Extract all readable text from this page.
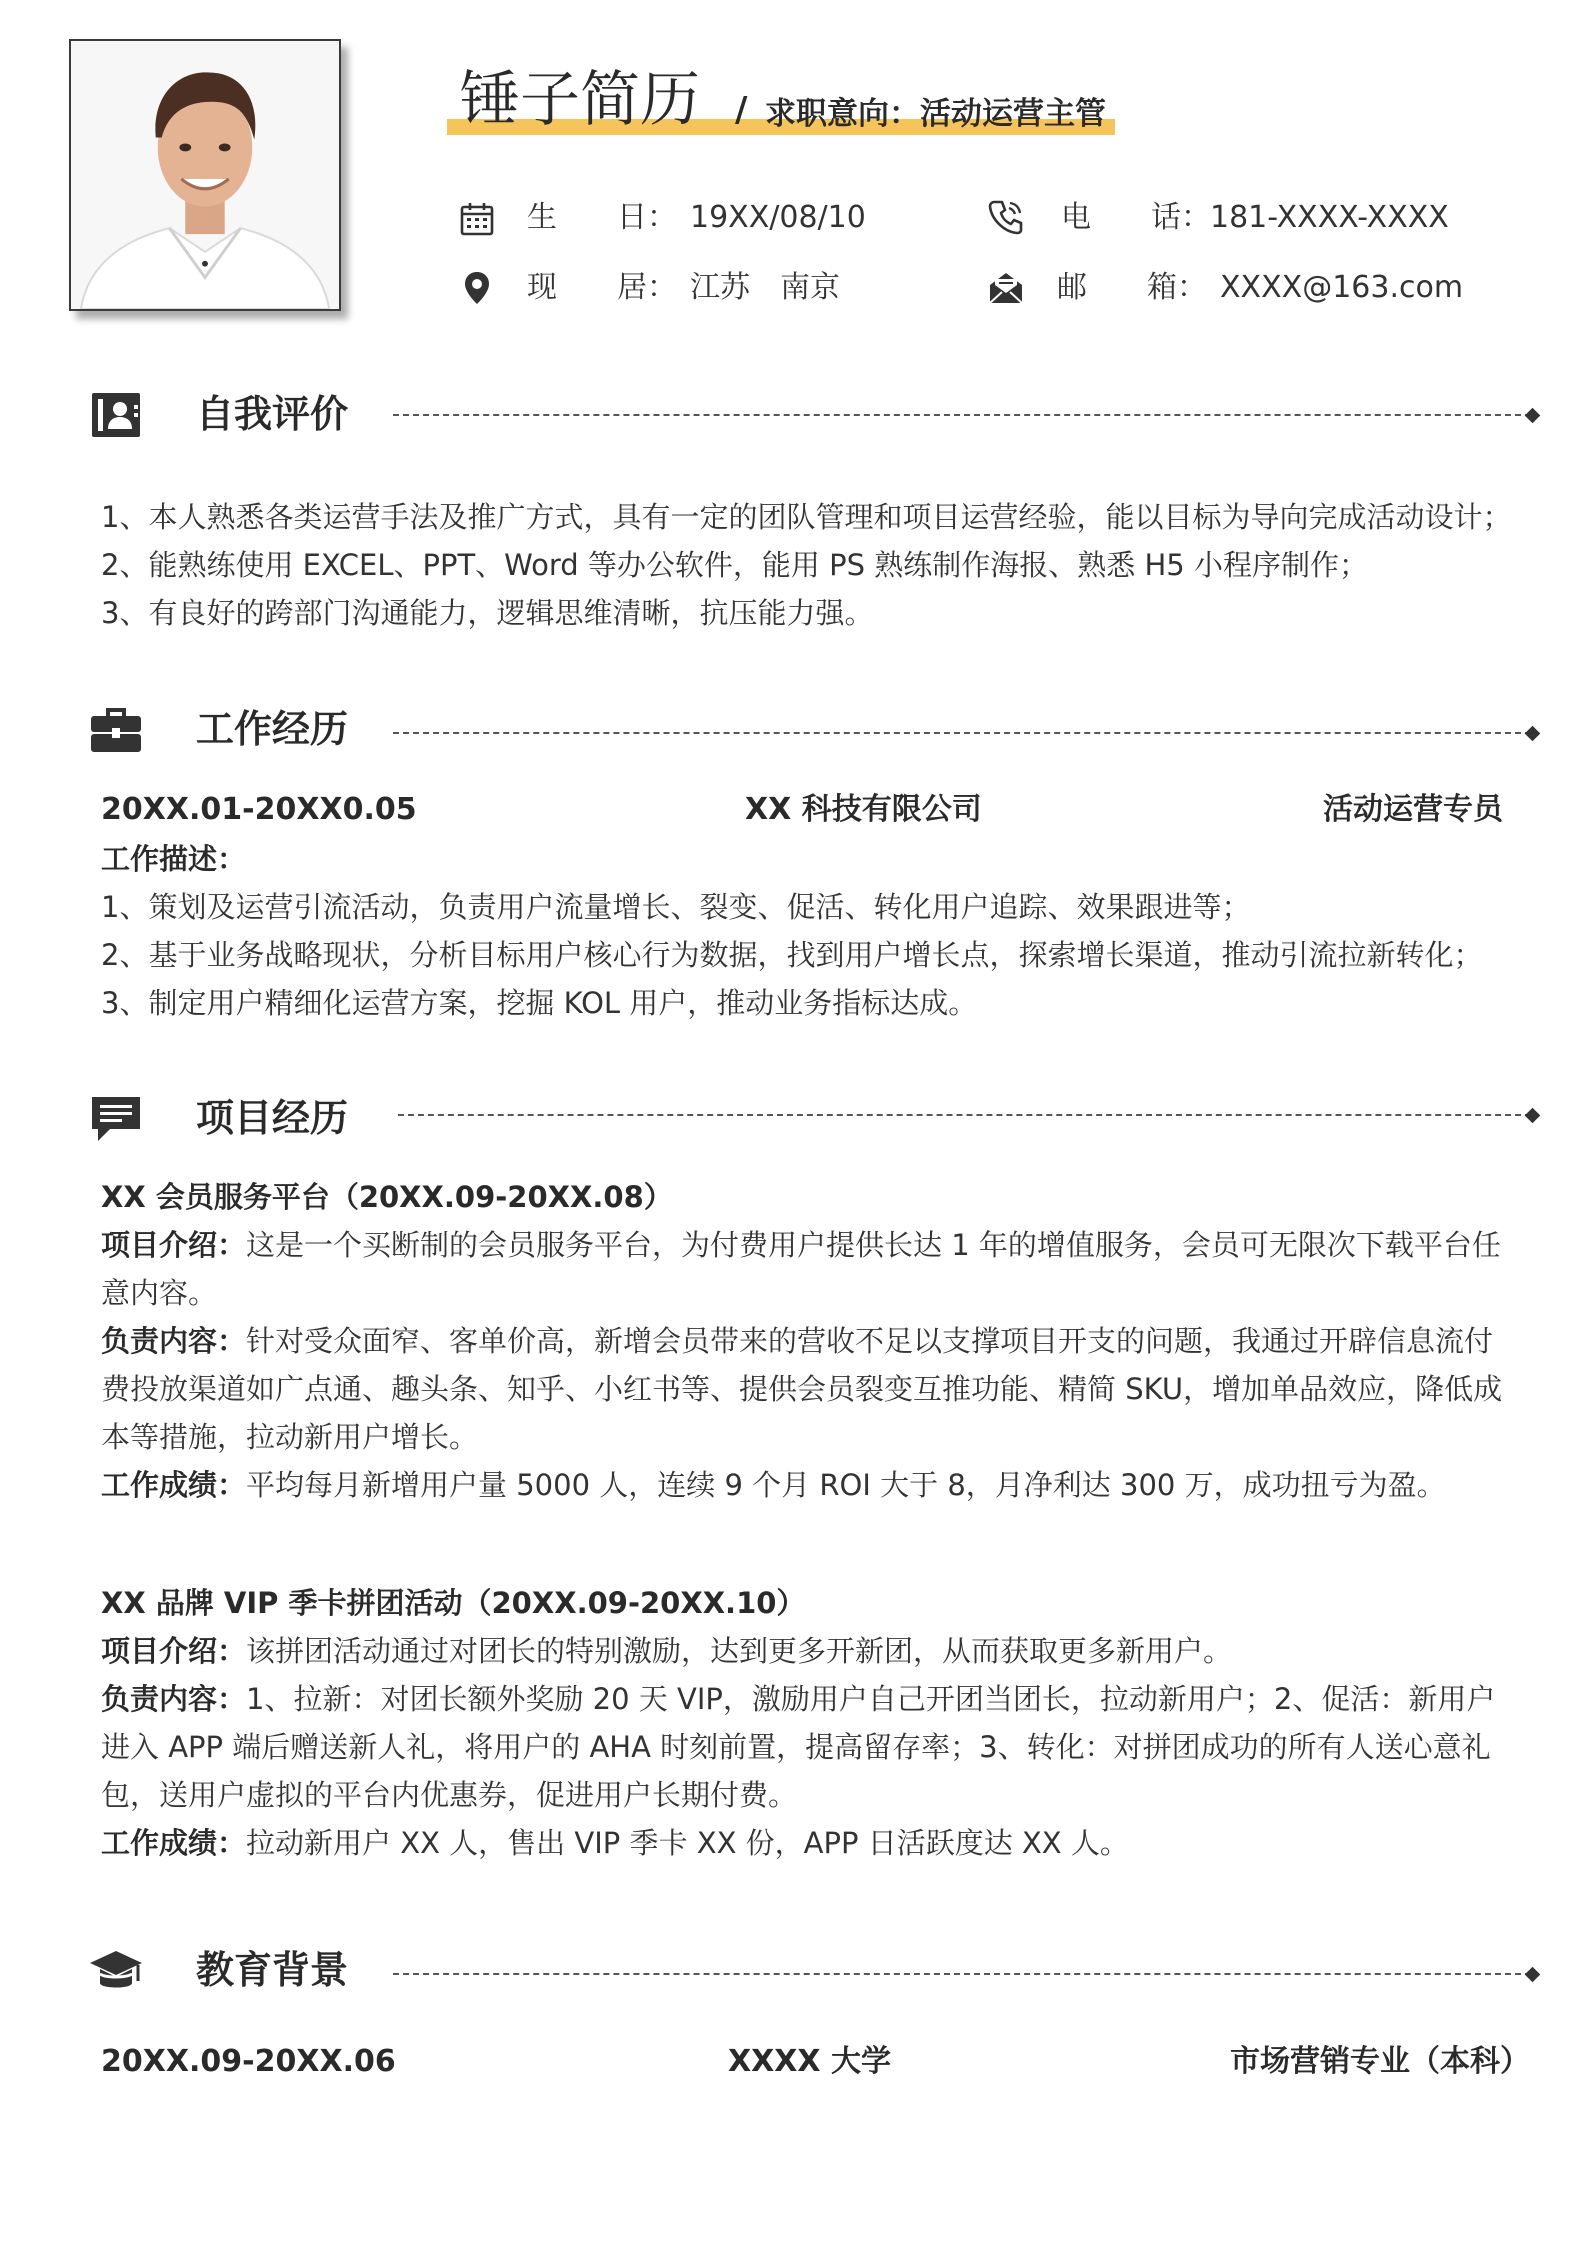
锤子简历 / 求职意向：活动运营主管
生　　日： 19XX/08/10	电　　话： 181-XXXX-XXXX
现　　居： 江苏　南京	邮　　箱： XXXX@163.com
自我评价
1、本人熟悉各类运营手法及推广方式，具有一定的团队管理和项目运营经验，能以目标为导向完成活动设计；
2、能熟练使用 EXCEL、PPT、Word 等办公软件，能用 PS 熟练制作海报、熟悉 H5 小程序制作；
3、有良好的跨部门沟通能力，逻辑思维清晰，抗压能力强。
工作经历
20XX.01-20XX0.05	XX 科技有限公司	活动运营专员
工作描述：
1、策划及运营引流活动，负责用户流量增长、裂变、促活、转化用户追踪、效果跟进等；
2、基于业务战略现状，分析目标用户核心行为数据，找到用户增长点，探索增长渠道，推动引流拉新转化；
3、制定用户精细化运营方案，挖掘 KOL 用户，推动业务指标达成。
项目经历
XX 会员服务平台（20XX.09-20XX.08）
项目介绍：这是一个买断制的会员服务平台，为付费用户提供长达 1 年的增值服务，会员可无限次下载平台任意内容。
负责内容：针对受众面窄、客单价高，新增会员带来的营收不足以支撑项目开支的问题，我通过开辟信息流付费投放渠道如广点通、趣头条、知乎、小红书等、提供会员裂变互推功能、精简 SKU，增加单品效应，降低成本等措施，拉动新用户增长。
工作成绩：平均每月新增用户量 5000 人，连续 9 个月 ROI 大于 8，月净利达 300 万，成功扭亏为盈。
XX 品牌 VIP 季卡拼团活动（20XX.09-20XX.10）
项目介绍：该拼团活动通过对团长的特别激励，达到更多开新团，从而获取更多新用户。
负责内容：1、拉新：对团长额外奖励 20 天 VIP，激励用户自己开团当团长，拉动新用户；2、促活：新用户进入 APP 端后赠送新人礼，将用户的 AHA 时刻前置，提高留存率；3、转化：对拼团成功的所有人送心意礼包，送用户虚拟的平台内优惠券，促进用户长期付费。
工作成绩：拉动新用户 XX 人，售出 VIP 季卡 XX 份，APP 日活跃度达 XX 人。
教育背景
20XX.09-20XX.06	XXXX 大学	市场营销专业（本科）
